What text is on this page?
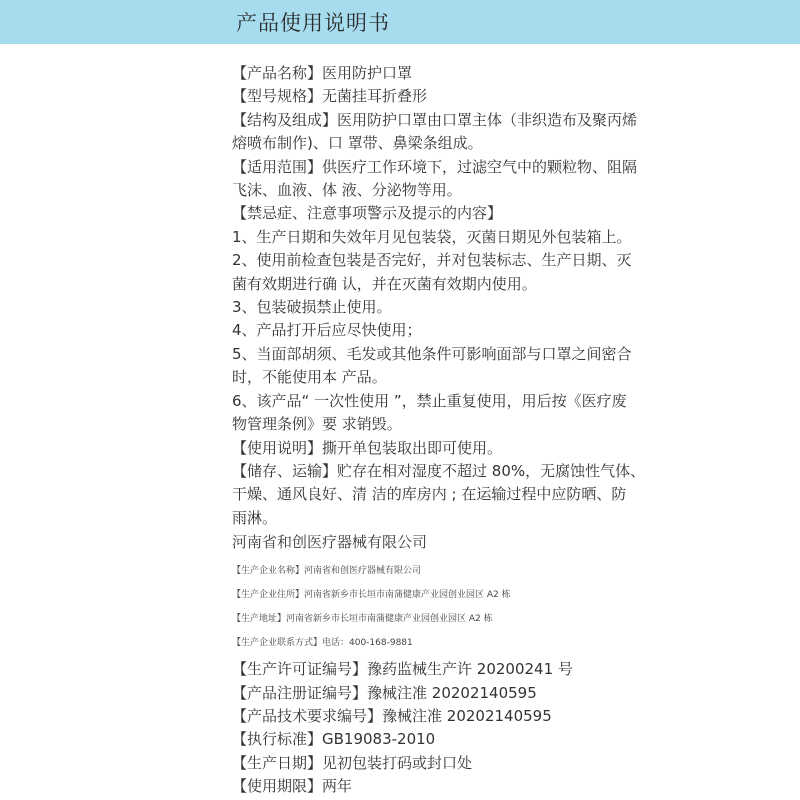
产品使用说明书
【产品名称】医用防护口罩
【型号规格】无菌挂耳折叠形
【结构及组成】医用防护口罩由口罩主体（非织造布及聚丙烯
熔喷布制作)、口 罩带、鼻梁条组成。
【适用范围】供医疗工作环境下，过滤空气中的颗粒物、阻隔
飞沫、血液、体 液、分泌物等用。
【禁忌症、注意事项警示及提示的内容】
1、生产日期和失效年月见包装袋，灭菌日期见外包装箱上。
2、使用前检查包装是否完好，并对包装标志、生产日期、灭
菌有效期进行确 认，并在灭菌有效期内使用。
3、包装破损禁止使用。
4、产品打开后应尽快使用；
5、当面部胡须、毛发或其他条件可影响面部与口罩之间密合
时，不能使用本 产品。
6、该产品“ 一次性使用 ”，禁止重复使用，用后按《医疗废
物管理条例》要 求销毁。
【使用说明】撕开单包装取出即可使用。
【储存、运输】贮存在相对湿度不超过 80%，无腐蚀性气体、
干燥、通风良好、清 洁的库房内 ; 在运输过程中应防晒、防
雨淋。
河南省和创医疗器械有限公司
【生产企业名称】河南省和创医疗器械有限公司
【生产企业住所】河南省新乡市长垣市南蒲健康产业园创业园区 A2 栋
【生产地址】河南省新乡市长垣市南蒲健康产业园创业园区 A2 栋
【生产企业联系方式】电话：400-168-9881
【生产许可证编号】豫药监械生产许 20200241 号
【产品注册证编号】豫械注准 20202140595
【产品技术要求编号】豫械注准 20202140595
【执行标准】GB19083-2010
【生产日期】见初包装打码或封口处
【使用期限】两年
